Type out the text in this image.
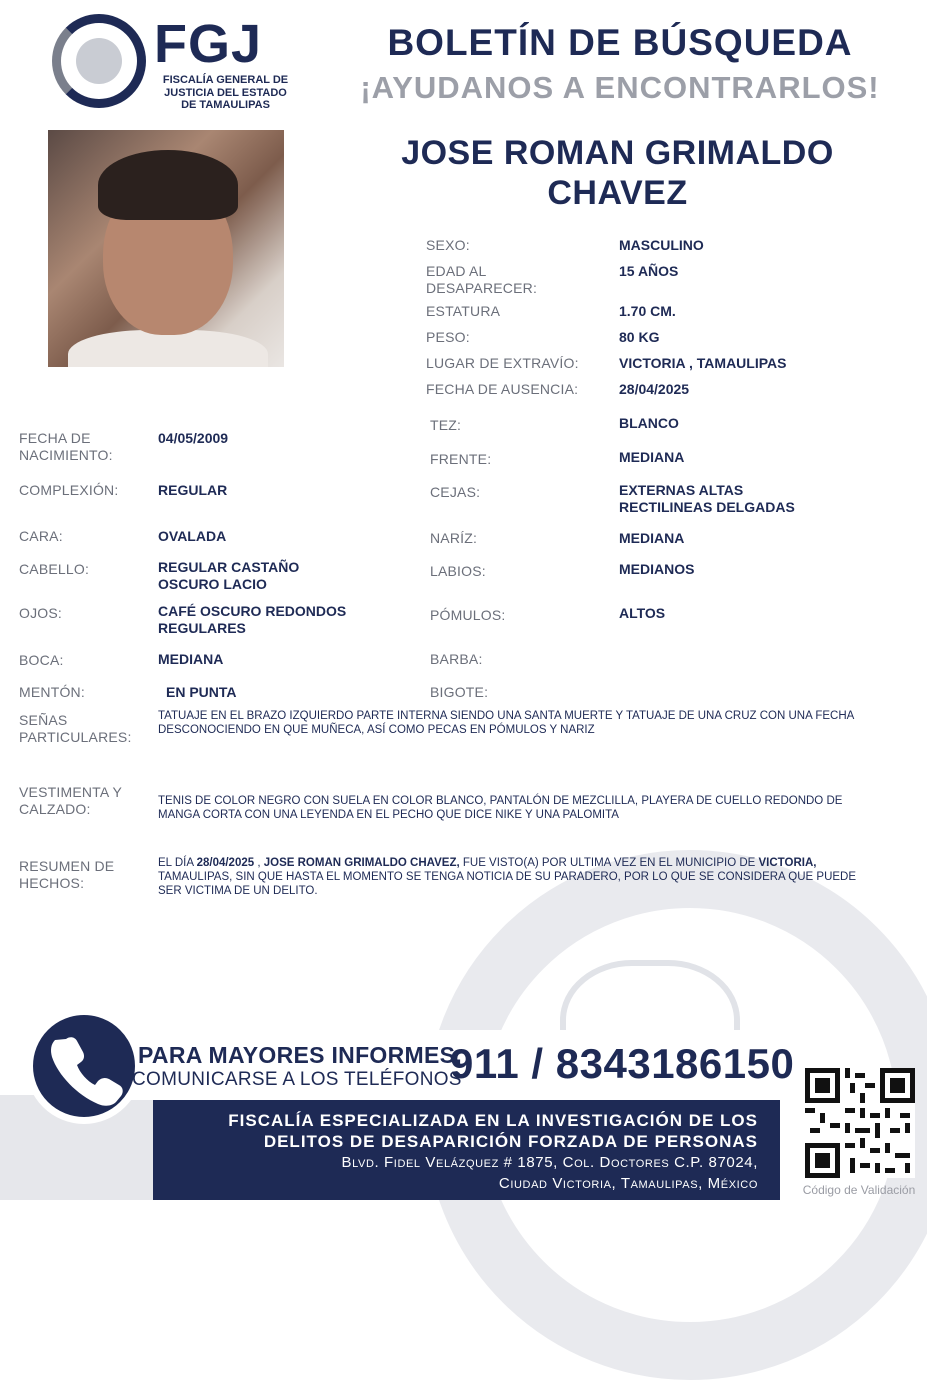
FGJ
FISCALÍA GENERAL DE JUSTICIA DEL ESTADO DE TAMAULIPAS
BOLETÍN DE BÚSQUEDA
¡AYUDANOS A ENCONTRARLOS!
JOSE ROMAN GRIMALDO
CHAVEZ
SEXO:	MASCULINO
EDAD AL DESAPARECER:
15 AÑOS
ESTATURA	1.70 CM.
PESO:	80 KG
LUGAR DE EXTRAVÍO:	VICTORIA , TAMAULIPAS
FECHA DE AUSENCIA:	28/04/2025
FECHA DE NACIMIENTO:
04/05/2009
COMPLEXIÓN:	REGULAR
CARA:	OVALADA
CABELLO:	REGULAR CASTAÑO OSCURO LACIO
OJOS:	CAFÉ OSCURO REDONDOS REGULARES
BOCA:	MEDIANA
MENTÓN:	EN PUNTA
TEZ:	BLANCO
FRENTE:	MEDIANA
CEJAS:	EXTERNAS ALTAS RECTILINEAS DELGADAS
NARÍZ:	MEDIANA
LABIOS:	MEDIANOS
PÓMULOS:	ALTOS
BARBA:
BIGOTE:
SEÑAS PARTICULARES:
TATUAJE EN EL BRAZO IZQUIERDO PARTE INTERNA SIENDO UNA SANTA MUERTE Y TATUAJE DE UNA CRUZ CON UNA FECHA DESCONOCIENDO EN QUE MUÑECA, ASÍ COMO PECAS EN PÓMULOS Y NARIZ
VESTIMENTA Y CALZADO:	TENIS DE COLOR NEGRO CON SUELA EN COLOR BLANCO, PANTALÓN DE MEZCLILLA, PLAYERA DE CUELLO REDONDO DE MANGA CORTA CON UNA LEYENDA EN EL PECHO QUE DICE NIKE Y UNA PALOMITA
RESUMEN DE HECHOS:
EL DÍA 28/04/2025 , JOSE ROMAN GRIMALDO CHAVEZ, FUE VISTO(A) POR ULTIMA VEZ EN EL MUNICIPIO DE VICTORIA, TAMAULIPAS, SIN QUE HASTA EL MOMENTO SE TENGA NOTICIA DE SU PARADERO, POR LO QUE SE CONSIDERA QUE PUEDE SER VICTIMA DE UN DELITO.
PARA MAYORES INFORMES,
COMUNICARSE A LOS TELÉFONOS
911 / 8343186150
FISCALÍA ESPECIALIZADA EN LA INVESTIGACIÓN DE LOS
DELITOS DE DESAPARICIÓN FORZADA DE PERSONAS
Blvd. Fidel Velázquez # 1875, Col. Doctores C.P. 87024,
Ciudad Victoria, Tamaulipas, México	Código de Validación
